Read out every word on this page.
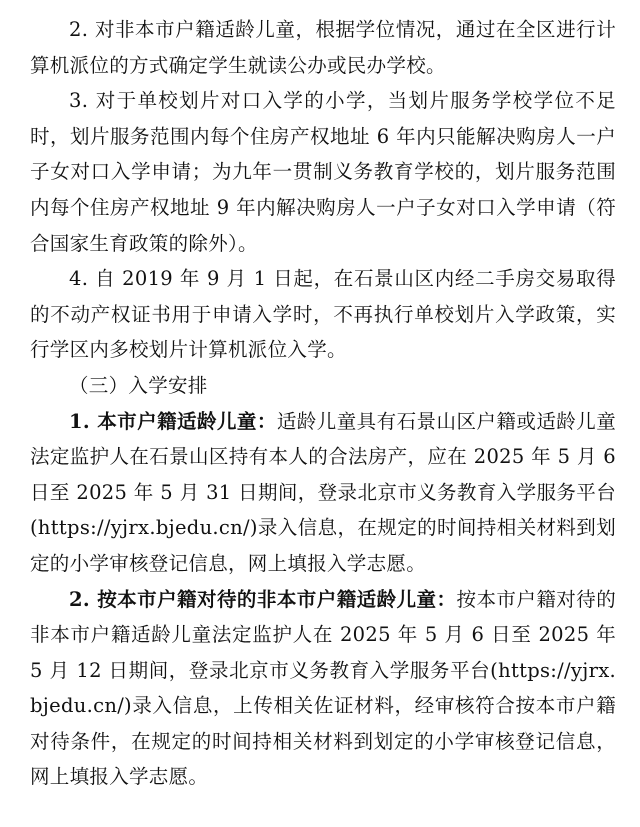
2. 对非本市户籍适龄儿童，根据学位情况，通过在全区进行计算机派位的方式确定学生就读公办或民办学校。

3. 对于单校划片对口入学的小学，当划片服务学校学位不足时，划片服务范围内每个住房产权地址 6 年内只能解决购房人一户子女对口入学申请；为九年一贯制义务教育学校的，划片服务范围内每个住房产权地址 9 年内解决购房人一户子女对口入学申请（符合国家生育政策的除外）。

4. 自 2019 年 9 月 1 日起，在石景山区内经二手房交易取得的不动产权证书用于申请入学时，不再执行单校划片入学政策，实行学区内多校划片计算机派位入学。

（三）入学安排

1. 本市户籍适龄儿童：适龄儿童具有石景山区户籍或适龄儿童法定监护人在石景山区持有本人的合法房产，应在 2025 年 5 月 6 日至 2025 年 5 月 31 日期间，登录北京市义务教育入学服务平台(https://yjrx.bjedu.cn/)录入信息，在规定的时间持相关材料到划定的小学审核登记信息，网上填报入学志愿。

2. 按本市户籍对待的非本市户籍适龄儿童：按本市户籍对待的非本市户籍适龄儿童法定监护人在 2025 年 5 月 6 日至 2025 年 5 月 12 日期间，登录北京市义务教育入学服务平台(https://yjrx.bjedu.cn/)录入信息，上传相关佐证材料，经审核符合按本市户籍对待条件，在规定的时间持相关材料到划定的小学审核登记信息，网上填报入学志愿。
